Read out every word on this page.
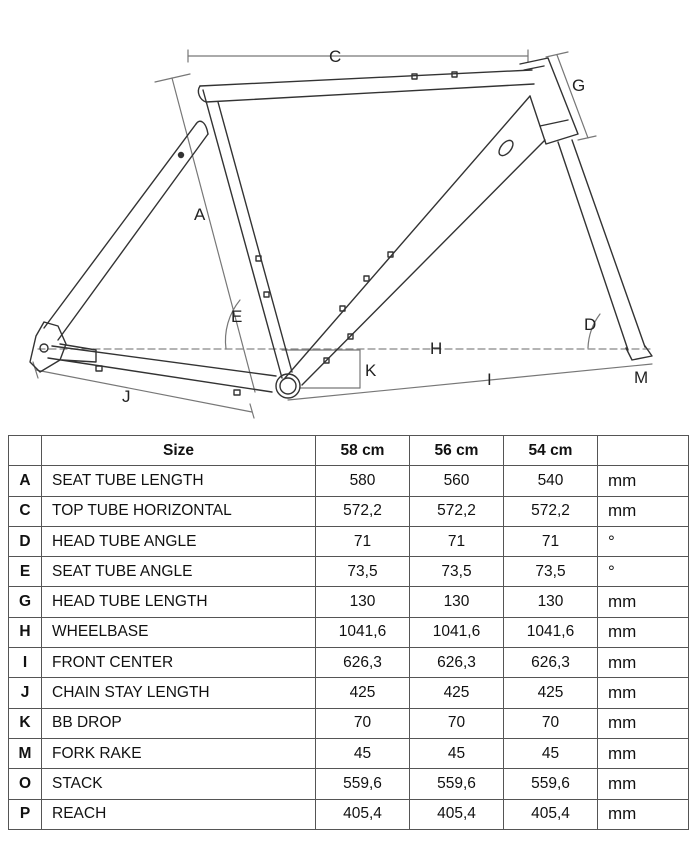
C
G
A
E	D
H
K	I	M
J
	Size	58 cm	56 cm	54 cm	
A	SEAT TUBE LENGTH	580	560	540	mm
C	TOP TUBE HORIZONTAL	572,2	572,2	572,2	mm
D	HEAD TUBE ANGLE	71	71	71	°
E	SEAT TUBE ANGLE	73,5	73,5	73,5	°
G	HEAD TUBE LENGTH	130	130	130	mm
H	WHEELBASE	1041,6	1041,6	1041,6	mm
I	FRONT CENTER	626,3	626,3	626,3	mm
J	CHAIN STAY LENGTH	425	425	425	mm
K	BB DROP	70	70	70	mm
M	FORK RAKE	45	45	45	mm
O	STACK	559,6	559,6	559,6	mm
P	REACH	405,4	405,4	405,4	mm
